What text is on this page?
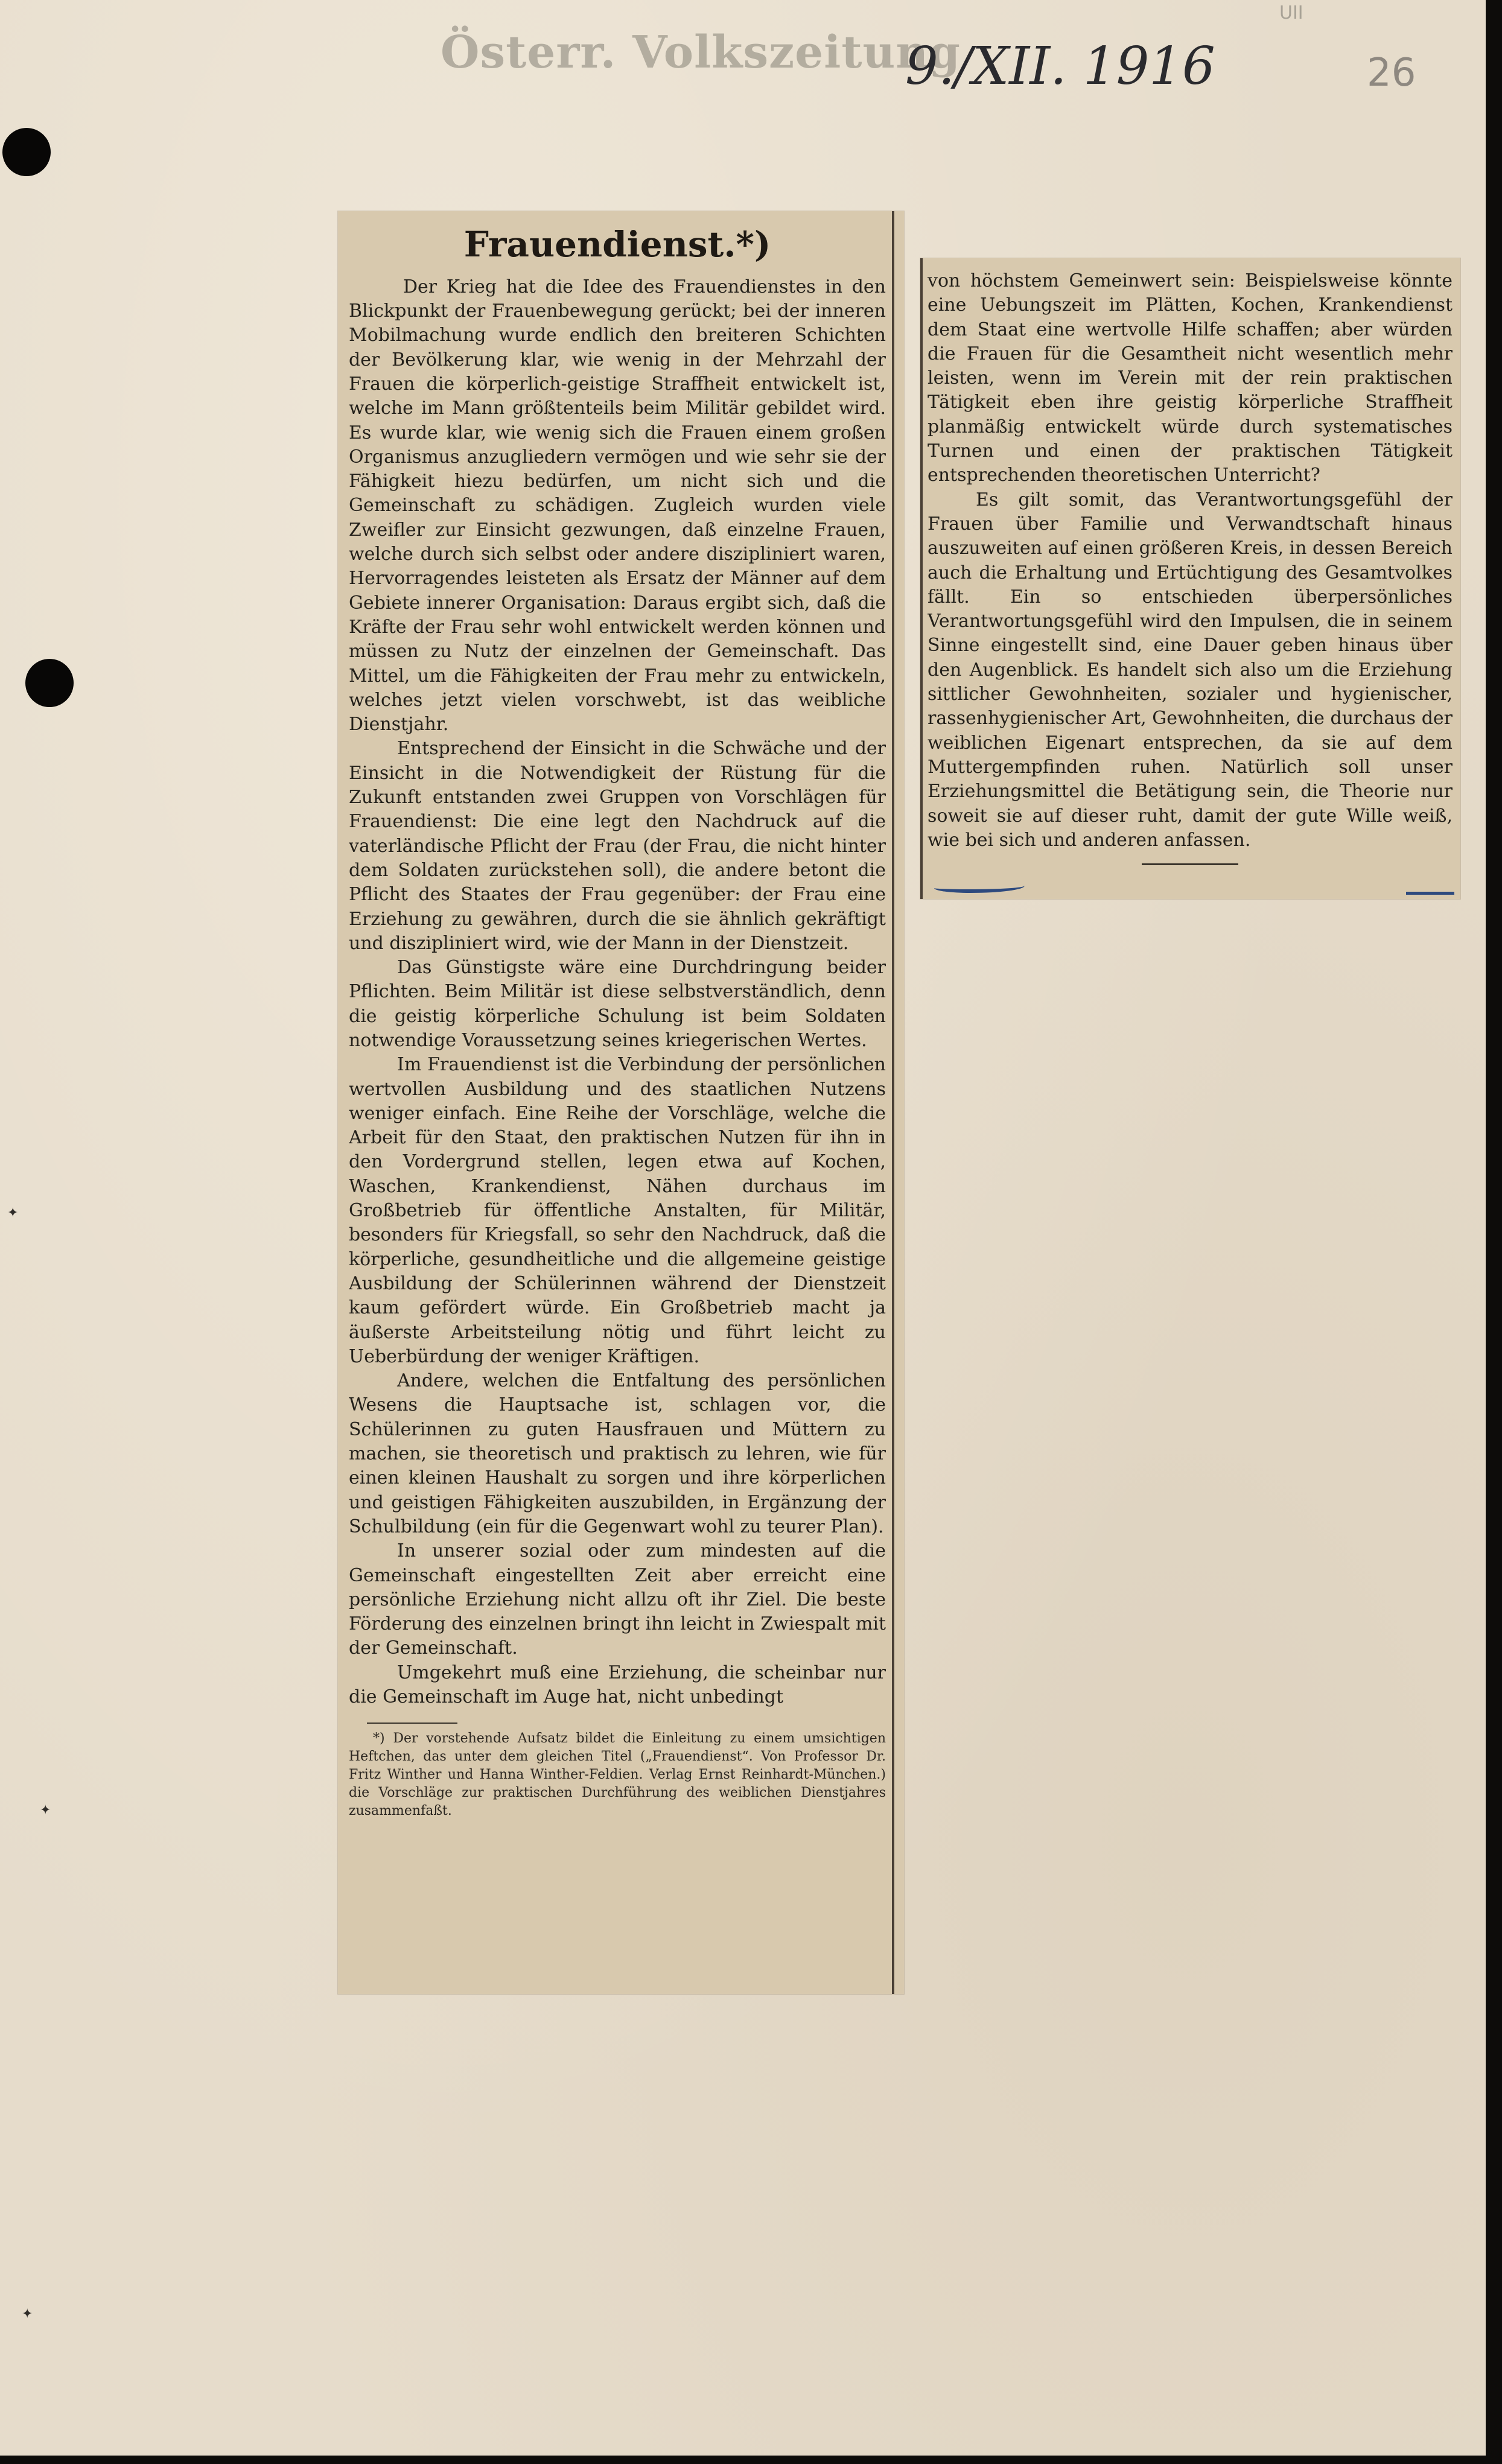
UII
Österr. Volkszeitung
9./XII. 1916	26
✦
✦
✦
Frauendienst.*)

Der Krieg hat die Idee des Frauendienstes in den Blickpunkt der Frauenbewegung gerückt; bei der inneren Mobilmachung wurde endlich den breiteren Schichten der Bevölkerung klar, wie wenig in der Mehrzahl der Frauen die körperlich-geistige Straffheit entwickelt ist, welche im Mann größtenteils beim Militär gebildet wird. Es wurde klar, wie wenig sich die Frauen einem großen Organismus anzugliedern vermögen und wie sehr sie der Fähigkeit hiezu bedürfen, um nicht sich und die Gemeinschaft zu schädigen. Zugleich wurden viele Zweifler zur Einsicht gezwungen, daß einzelne Frauen, welche durch sich selbst oder andere diszipliniert waren, Hervorragendes leisteten als Ersatz der Männer auf dem Gebiete innerer Organisation: Daraus ergibt sich, daß die Kräfte der Frau sehr wohl entwickelt werden können und müssen zu Nutz der einzelnen der Gemeinschaft. Das Mittel, um die Fähigkeiten der Frau mehr zu entwickeln, welches jetzt vielen vorschwebt, ist das weibliche Dienstjahr.

Entsprechend der Einsicht in die Schwäche und der Einsicht in die Notwendigkeit der Rüstung für die Zukunft entstanden zwei Gruppen von Vorschlägen für Frauendienst: Die eine legt den Nachdruck auf die vaterländische Pflicht der Frau (der Frau, die nicht hinter dem Soldaten zurückstehen soll), die andere betont die Pflicht des Staates der Frau gegenüber: der Frau eine Erziehung zu gewähren, durch die sie ähnlich gekräftigt und diszipliniert wird, wie der Mann in der Dienstzeit.

Das Günstigste wäre eine Durchdringung beider Pflichten. Beim Militär ist diese selbstverständlich, denn die geistig körperliche Schulung ist beim Soldaten notwendige Voraussetzung seines kriegerischen Wertes.

Im Frauendienst ist die Verbindung der persönlichen wertvollen Ausbildung und des staatlichen Nutzens weniger einfach. Eine Reihe der Vorschläge, welche die Arbeit für den Staat, den praktischen Nutzen für ihn in den Vordergrund stellen, legen etwa auf Kochen, Waschen, Krankendienst, Nähen durchaus im Großbetrieb für öffentliche Anstalten, für Militär, besonders für Kriegsfall, so sehr den Nachdruck, daß die körperliche, gesundheitliche und die allgemeine geistige Ausbildung der Schülerinnen während der Dienstzeit kaum gefördert würde. Ein Großbetrieb macht ja äußerste Arbeitsteilung nötig und führt leicht zu Ueberbürdung der weniger Kräftigen.

Andere, welchen die Entfaltung des persönlichen Wesens die Hauptsache ist, schlagen vor, die Schülerinnen zu guten Hausfrauen und Müttern zu machen, sie theoretisch und praktisch zu lehren, wie für einen kleinen Haushalt zu sorgen und ihre körperlichen und geistigen Fähigkeiten auszubilden, in Ergänzung der Schulbildung (ein für die Gegenwart wohl zu teurer Plan).

In unserer sozial oder zum mindesten auf die Gemeinschaft eingestellten Zeit aber erreicht eine persönliche Erziehung nicht allzu oft ihr Ziel. Die beste Förderung des einzelnen bringt ihn leicht in Zwiespalt mit der Gemeinschaft.

Umgekehrt muß eine Erziehung, die scheinbar nur die Gemeinschaft im Auge hat, nicht unbedingt

*) Der vorstehende Aufsatz bildet die Einleitung zu einem umsichtigen Heftchen, das unter dem gleichen Titel („Frauendienst“. Von Professor Dr. Fritz Winther und Hanna Winther-Feldien. Verlag Ernst Reinhardt-München.) die Vorschläge zur praktischen Durchführung des weiblichen Dienstjahres zusammenfaßt.

von höchstem Gemeinwert sein: Beispielsweise könnte eine Uebungszeit im Plätten, Kochen, Krankendienst dem Staat eine wertvolle Hilfe schaffen; aber würden die Frauen für die Gesamtheit nicht wesentlich mehr leisten, wenn im Verein mit der rein praktischen Tätigkeit eben ihre geistig körperliche Straffheit planmäßig entwickelt würde durch systematisches Turnen und einen der praktischen Tätigkeit entsprechenden theoretischen Unterricht?

Es gilt somit, das Verantwortungsgefühl der Frauen über Familie und Verwandtschaft hinaus auszuweiten auf einen größeren Kreis, in dessen Bereich auch die Erhaltung und Ertüchtigung des Gesamtvolkes fällt. Ein so entschieden überpersönliches Verantwortungsgefühl wird den Impulsen, die in seinem Sinne eingestellt sind, eine Dauer geben hinaus über den Augenblick. Es handelt sich also um die Erziehung sittlicher Gewohnheiten, sozialer und hygienischer, rassenhygienischer Art, Gewohnheiten, die durchaus der weiblichen Eigenart entsprechen, da sie auf dem Muttergempfinden ruhen. Natürlich soll unser Erziehungsmittel die Betätigung sein, die Theorie nur soweit sie auf dieser ruht, damit der gute Wille weiß, wie bei sich und anderen anfassen.
